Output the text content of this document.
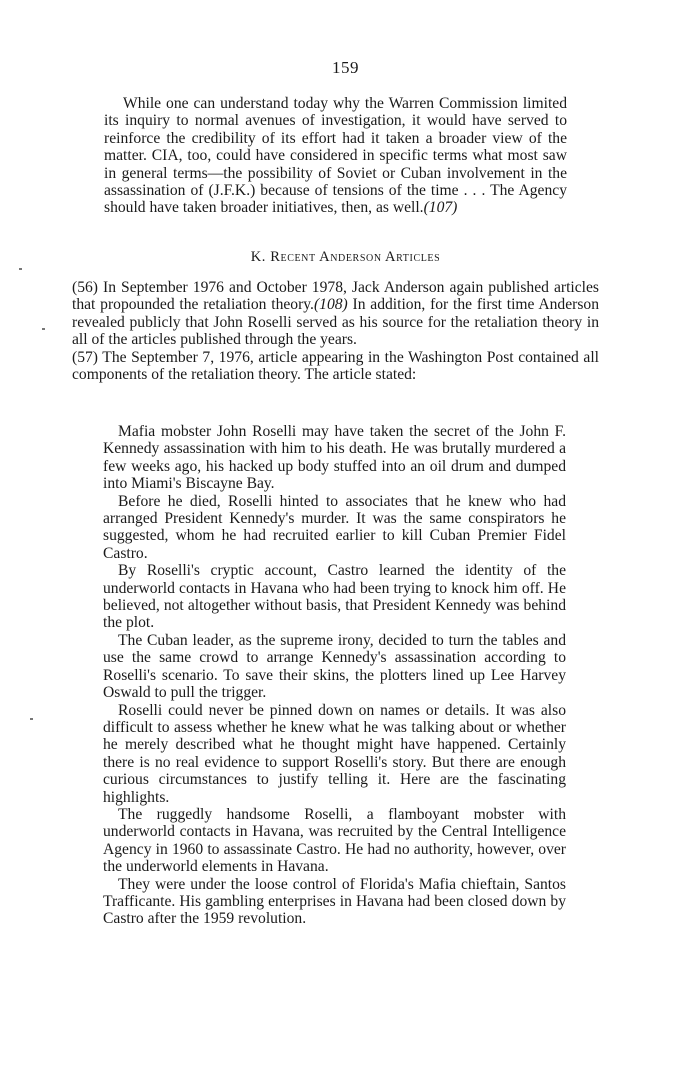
159
While one can understand today why the Warren Commission limited its inquiry to normal avenues of investigation, it would have served to reinforce the credibility of its effort had it taken a broader view of the matter. CIA, too, could have considered in specific terms what most saw in general terms—the possibility of Soviet or Cuban involvement in the assassination of (J.F.K.) because of tensions of the time . . . The Agency should have taken broader initiatives, then, as well.(107)
K. Recent Anderson Articles

(56) In September 1976 and October 1978, Jack Anderson again published articles that propounded the retaliation theory.(108) In addition, for the first time Anderson revealed publicly that John Roselli served as his source for the retaliation theory in all of the articles published through the years.

(57) The September 7, 1976, article appearing in the Washington Post contained all components of the retaliation theory. The article stated:

Mafia mobster John Roselli may have taken the secret of the John F. Kennedy assassination with him to his death. He was brutally murdered a few weeks ago, his hacked up body stuffed into an oil drum and dumped into Miami's Biscayne Bay.

Before he died, Roselli hinted to associates that he knew who had arranged President Kennedy's murder. It was the same conspirators he suggested, whom he had recruited earlier to kill Cuban Premier Fidel Castro.

By Roselli's cryptic account, Castro learned the identity of the underworld contacts in Havana who had been trying to knock him off. He believed, not altogether without basis, that President Kennedy was behind the plot.

The Cuban leader, as the supreme irony, decided to turn the tables and use the same crowd to arrange Kennedy's assassination according to Roselli's scenario. To save their skins, the plotters lined up Lee Harvey Oswald to pull the trigger.

Roselli could never be pinned down on names or details. It was also difficult to assess whether he knew what he was talking about or whether he merely described what he thought might have happened. Certainly there is no real evidence to support Roselli's story. But there are enough curious circumstances to justify telling it. Here are the fascinating highlights.

The ruggedly handsome Roselli, a flamboyant mobster with underworld contacts in Havana, was recruited by the Central Intelligence Agency in 1960 to assassinate Castro. He had no authority, however, over the underworld elements in Havana.

They were under the loose control of Florida's Mafia chieftain, Santos Trafficante. His gambling enterprises in Havana had been closed down by Castro after the 1959 revolution.
